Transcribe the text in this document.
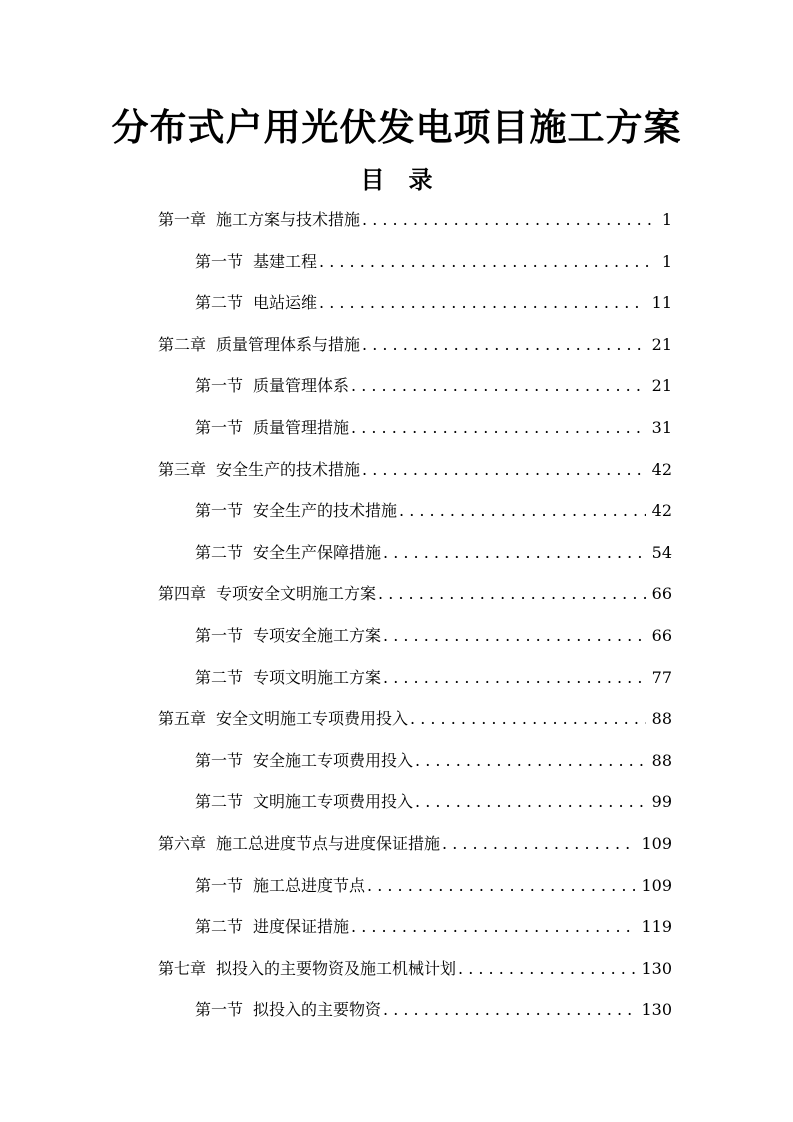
分布式户用光伏发电项目施工方案
目　录
第一章 施工方案与技术措施 . . .	1
第一节 基建工程 . . .	1
第二节 电站运维 . . .	11
第二章 质量管理体系与措施 . . .	21
第一节 质量管理体系 . . .	21
第一节 质量管理措施 . . .	31
第三章 安全生产的技术措施 . . .	42
第一节 安全生产的技术措施 . . .	42
第二节 安全生产保障措施 . . .	54
第四章 专项安全文明施工方案 . . .	66
第一节 专项安全施工方案 . . .	66
第二节 专项文明施工方案 . . .	77
第五章 安全文明施工专项费用投入 . . .	88
第一节 安全施工专项费用投入 . . .	88
第二节 文明施工专项费用投入 . . .	99
第六章 施工总进度节点与进度保证措施 . . .	109
第一节 施工总进度节点 . . .	109
第二节 进度保证措施 . . .	119
第七章 拟投入的主要物资及施工机械计划 . . .	130
第一节 拟投入的主要物资 . . .	130
